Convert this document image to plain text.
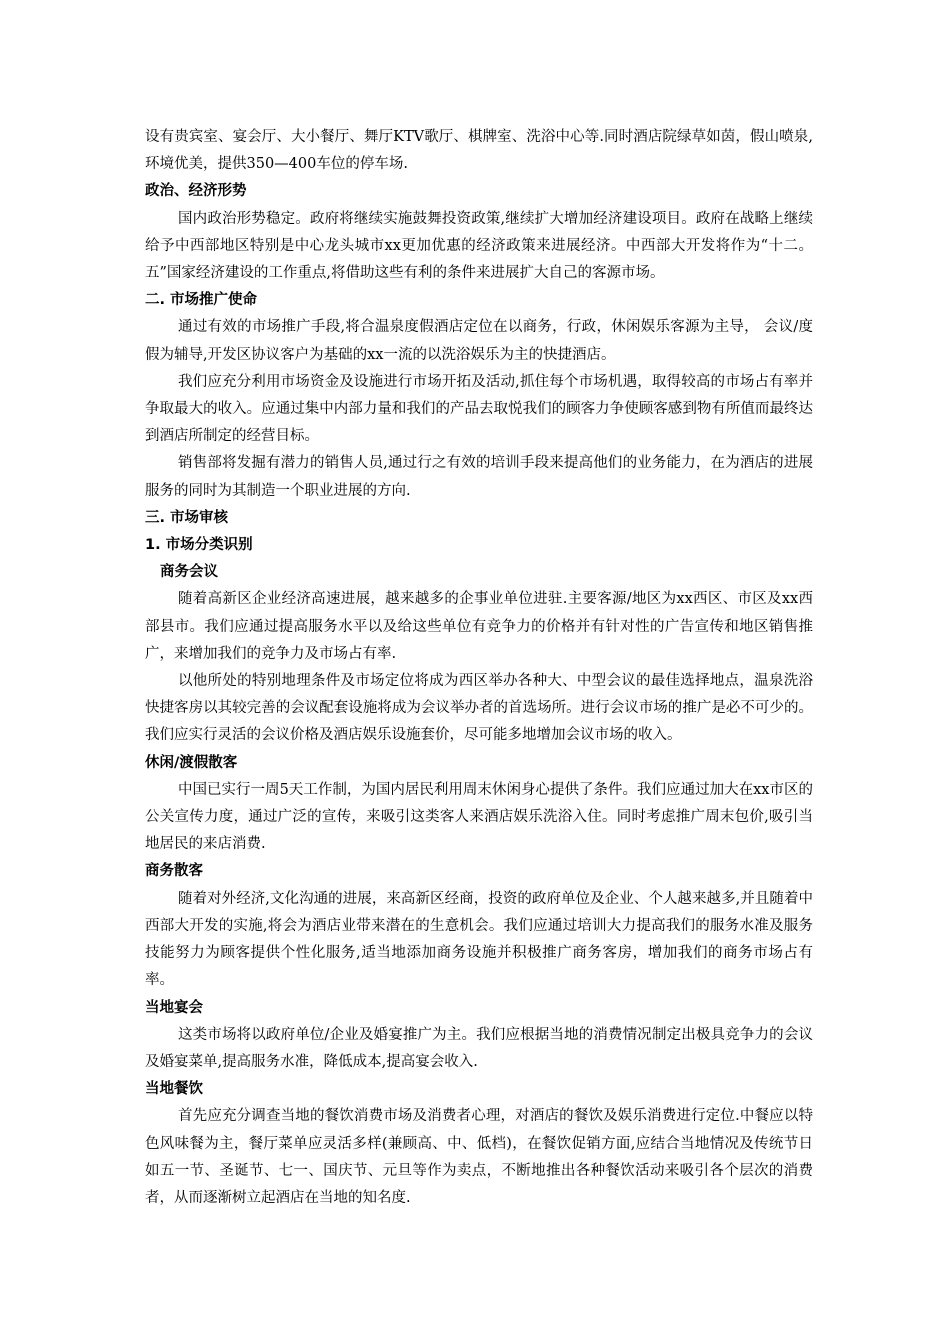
设有贵宾室、宴会厅、大小餐厅、舞厅KTV歌厅、棋牌室、洗浴中心等.同时酒店院绿草如茵，假山喷泉,环境优美，提供350—400车位的停车场.

政治、经济形势

国内政治形势稳定。政府将继续实施鼓舞投资政策,继续扩大增加经济建设项目。政府在战略上继续给予中西部地区特别是中心龙头城市xx更加优惠的经济政策来进展经济。中西部大开发将作为“十二。五”国家经济建设的工作重点,将借助这些有利的条件来进展扩大自己的客源市场。

二. 市场推广使命

通过有效的市场推广手段,将合温泉度假酒店定位在以商务，行政，休闲娱乐客源为主导， 会议/度假为辅导,开发区协议客户为基础的xx一流的以洗浴娱乐为主的快捷酒店。

我们应充分利用市场资金及设施进行市场开拓及活动,抓住每个市场机遇，取得较高的市场占有率并争取最大的收入。应通过集中内部力量和我们的产品去取悦我们的顾客力争使顾客感到物有所值而最终达到酒店所制定的经营目标。

销售部将发掘有潜力的销售人员,通过行之有效的培训手段来提高他们的业务能力，在为酒店的进展服务的同时为其制造一个职业进展的方向.

三. 市场审核

1. 市场分类识别

商务会议

随着高新区企业经济高速进展，越来越多的企事业单位进驻.主要客源/地区为xx西区、市区及xx西部县市。我们应通过提高服务水平以及给这些单位有竞争力的价格并有针对性的广告宣传和地区销售推广，来增加我们的竞争力及市场占有率.

以他所处的特别地理条件及市场定位将成为西区举办各种大、中型会议的最佳选择地点，温泉洗浴快捷客房以其较完善的会议配套设施将成为会议举办者的首选场所。进行会议市场的推广是必不可少的。我们应实行灵活的会议价格及酒店娱乐设施套价，尽可能多地增加会议市场的收入。

休闲/渡假散客

中国已实行一周5天工作制，为国内居民利用周末休闲身心提供了条件。我们应通过加大在xx市区的公关宣传力度，通过广泛的宣传，来吸引这类客人来酒店娱乐洗浴入住。同时考虑推广周末包价,吸引当地居民的来店消费.

商务散客

随着对外经济,文化沟通的进展，来高新区经商，投资的政府单位及企业、个人越来越多,并且随着中西部大开发的实施,将会为酒店业带来潜在的生意机会。我们应通过培训大力提高我们的服务水准及服务技能努力为顾客提供个性化服务,适当地添加商务设施并积极推广商务客房，增加我们的商务市场占有率。

当地宴会

这类市场将以政府单位/企业及婚宴推广为主。我们应根据当地的消费情况制定出极具竞争力的会议及婚宴菜单,提高服务水准，降低成本,提高宴会收入.

当地餐饮

首先应充分调查当地的餐饮消费市场及消费者心理，对酒店的餐饮及娱乐消费进行定位.中餐应以特色风味餐为主，餐厅菜单应灵活多样(兼顾高、中、低档)，在餐饮促销方面,应结合当地情况及传统节日如五一节、圣诞节、七一、国庆节、元旦等作为卖点，不断地推出各种餐饮活动来吸引各个层次的消费者，从而逐渐树立起酒店在当地的知名度.
